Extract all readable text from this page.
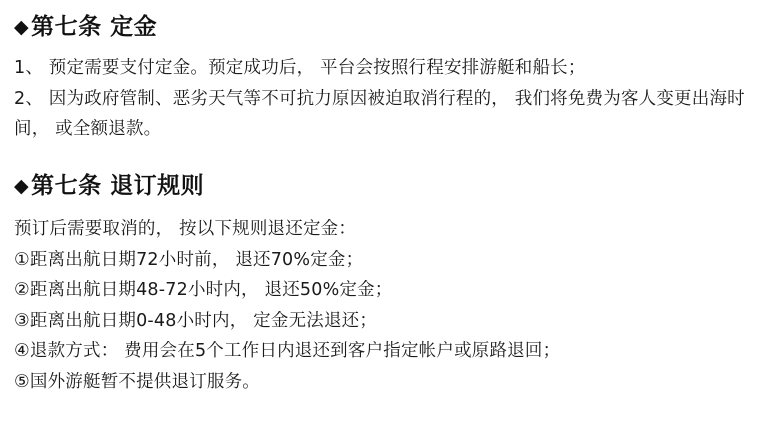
◆ 第七条 定金
1、 预定需要支付定金。预定成功后， 平台会按照行程安排游艇和船长；
2、 因为政府管制、恶劣天气等不可抗力原因被迫取消行程的， 我们将免费为客人变更出海时间， 或全额退款。
◆ 第七条 退订规则
预订后需要取消的， 按以下规则退还定金：
①距离出航日期72小时前， 退还70%定金；
②距离出航日期48-72小时内， 退还50%定金；
③距离出航日期0-48小时内， 定金无法退还；
④退款方式： 费用会在5个工作日内退还到客户指定帐户或原路退回；
⑤国外游艇暂不提供退订服务。
